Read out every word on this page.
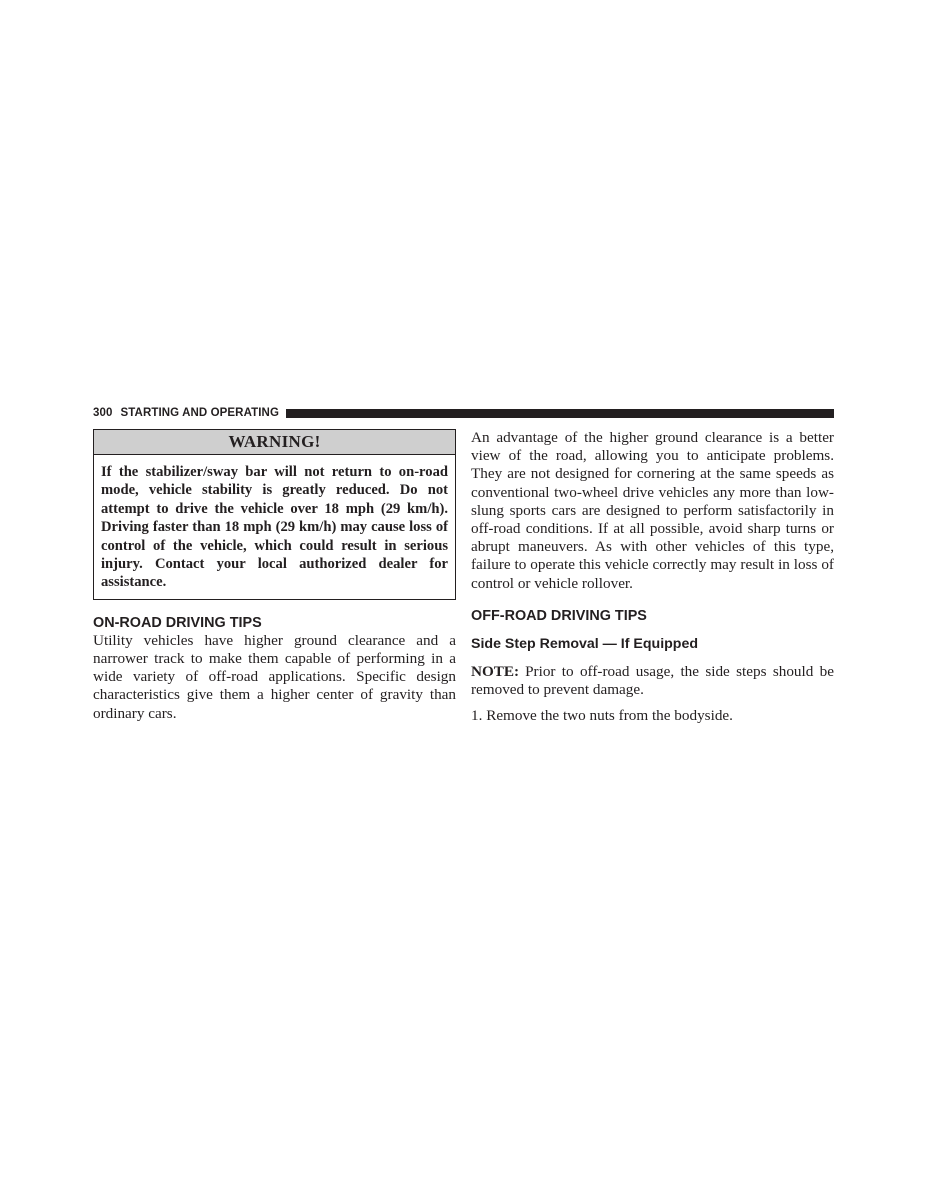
300 STARTING AND OPERATING
WARNING!
If the stabilizer/sway bar will not return to on-road mode, vehicle stability is greatly reduced. Do not attempt to drive the vehicle over 18 mph (29 km/h). Driving faster than 18 mph (29 km/h) may cause loss of control of the vehicle, which could result in serious injury. Contact your local authorized dealer for assistance.
ON-ROAD DRIVING TIPS

Utility vehicles have higher ground clearance and a narrower track to make them capable of performing in a wide variety of off-road applications. Specific design characteristics give them a higher center of gravity than ordinary cars.

An advantage of the higher ground clearance is a better view of the road, allowing you to anticipate problems. They are not designed for cornering at the same speeds as conventional two-wheel drive vehicles any more than low-slung sports cars are designed to perform satisfactorily in off-road conditions. If at all possible, avoid sharp turns or abrupt maneuvers. As with other vehicles of this type, failure to operate this vehicle correctly may result in loss of control or vehicle rollover.

OFF-ROAD DRIVING TIPS
Side Step Removal — If Equipped

NOTE: Prior to off-road usage, the side steps should be removed to prevent damage.

1. Remove the two nuts from the bodyside.
